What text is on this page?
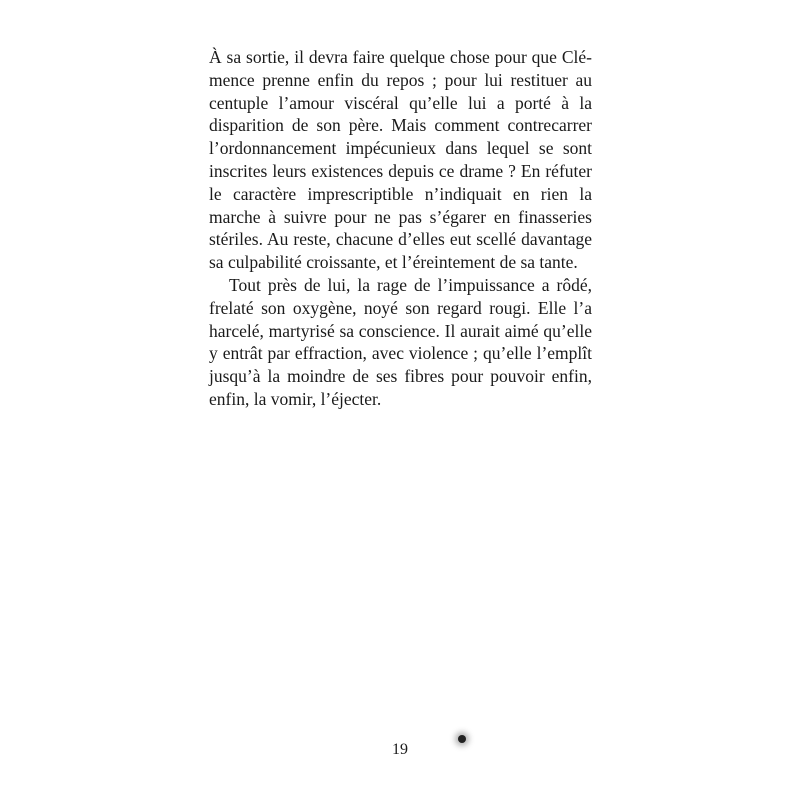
À sa sortie, il devra faire quelque chose pour que Clémence prenne enfin du repos ; pour lui restituer au centuple l’amour viscéral qu’elle lui a porté à la disparition de son père. Mais comment contrecarrer l’ordonnancement impécunieux dans lequel se sont inscrites leurs existences depuis ce drame ? En réfuter le caractère imprescriptible n’indiquait en rien la marche à suivre pour ne pas s’égarer en finasseries stériles. Au reste, chacune d’elles eut scellé davantage sa culpabilité croissante, et l’éreintement de sa tante.

Tout près de lui, la rage de l’impuissance a rôdé, frelaté son oxygène, noyé son regard rougi. Elle l’a harcelé, martyrisé sa conscience. Il aurait aimé qu’elle y entrât par effraction, avec violence ; qu’elle l’emplît jusqu’à la moindre de ses fibres pour pouvoir enfin, enfin, la vomir, l’éjecter.

19
